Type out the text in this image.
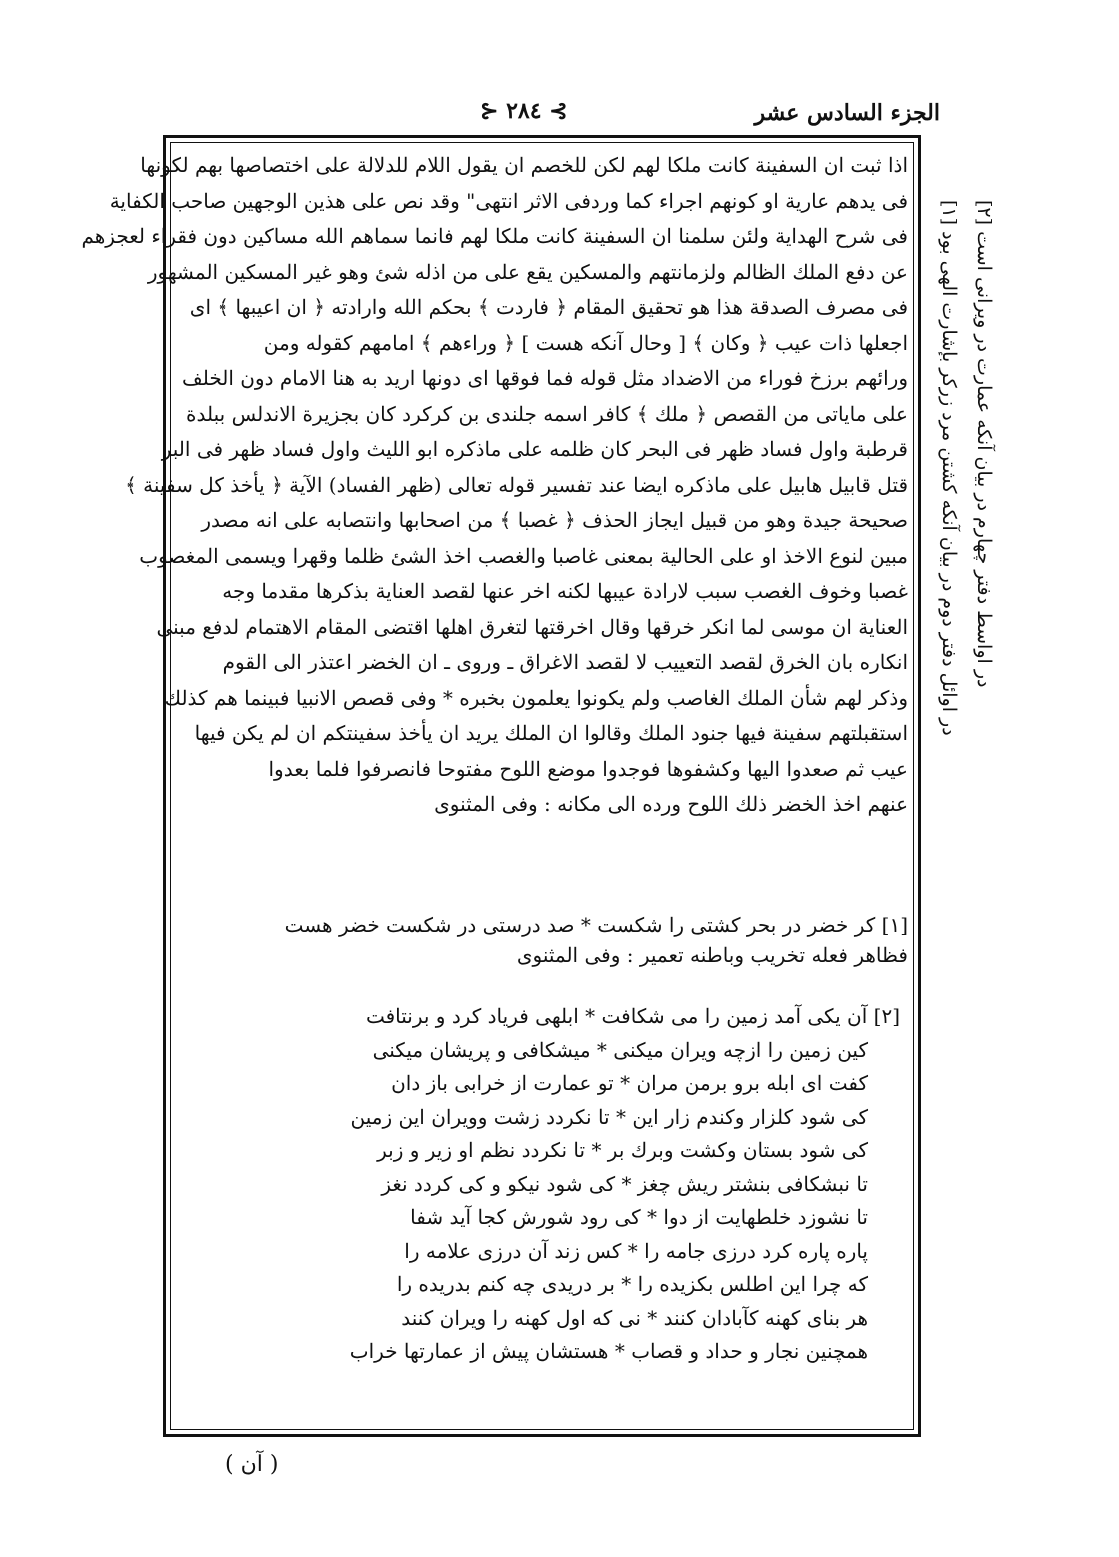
⊱ ۲۸٤ ⊰	الجزء السادس عشر
اذا ثبت ان السفينة كانت ملكا لهم لكن للخصم ان يقول اللام للدلالة على اختصاصها بهم لكونها
فى يدهم عارية او كونهم اجراء كما وردفى الاثر انتهى" وقد نص على هذين الوجهين صاحب الكفاية
فى شرح الهداية ولئن سلمنا ان السفينة كانت ملكا لهم فانما سماهم الله مساكين دون فقراء لعجزهم
عن دفع الملك الظالم ولزمانتهم والمسكين يقع على من اذله شئ وهو غير المسكين المشهور
فى مصرف الصدقة هذا هو تحقيق المقام ﴿ فاردت ﴾ بحكم الله وارادته ﴿ ان اعيبها ﴾ اى
اجعلها ذات عيب ﴿ وكان ﴾ [ وحال آنكه هست ] ﴿ وراءهم ﴾ امامهم كقوله ومن
ورائهم برزخ فوراء من الاضداد مثل قوله فما فوقها اى دونها اريد به هنا الامام دون الخلف
على ماياتى من القصص ﴿ ملك ﴾ كافر اسمه جلندى بن كركرد كان بجزيرة الاندلس ببلدة
قرطبة واول فساد ظهر فى البحر كان ظلمه على ماذكره ابو الليث واول فساد ظهر فى البر
قتل قابيل هابيل على ماذكره ايضا عند تفسير قوله تعالى (ظهر الفساد) الآية ﴿ يأخذ كل سفينة ﴾
صحيحة جيدة وهو من قبيل ايجاز الحذف ﴿ غصبا ﴾ من اصحابها وانتصابه على انه مصدر
مبين لنوع الاخذ او على الحالية بمعنى غاصبا والغصب اخذ الشئ ظلما وقهرا ويسمى المغصوب
غصبا وخوف الغصب سبب لارادة عيبها لكنه اخر عنها لقصد العناية بذكرها مقدما وجه
العناية ان موسى لما انكر خرقها وقال اخرقتها لتغرق اهلها اقتضى المقام الاهتمام لدفع مبنى
انكاره بان الخرق لقصد التعييب لا لقصد الاغراق ـ وروى ـ ان الخضر اعتذر الى القوم
وذكر لهم شأن الملك الغاصب ولم يكونوا يعلمون بخبره * وفى قصص الانبيا فبينما هم كذلك
استقبلتهم سفينة فيها جنود الملك وقالوا ان الملك يريد ان يأخذ سفينتكم ان لم يكن فيها
عيب ثم صعدوا اليها وكشفوها فوجدوا موضع اللوح مفتوحا فانصرفوا فلما بعدوا
عنهم اخذ الخضر ذلك اللوح ورده الى مكانه : وفى المثنوى
[۱] كر خضر در بحر كشتى را شكست * صد درستى در شكست خضر هست
فظاهر فعله تخريب وباطنه تعمير : وفى المثنوى
[۲] آن يكى آمد زمين را مى شكافت * ابلهى فرياد كرد و برنتافت
كين زمين را ازچه ويران ميكنى * ميشكافى و پريشان ميكنى
كفت اى ابله برو برمن مران * تو عمارت از خرابى باز دان
كى شود كلزار وكندم زار اين * تا نكردد زشت وويران اين زمين
كى شود بستان وكشت وبرك بر * تا نكردد نظم او زير و زبر
تا نبشكافى بنشتر ريش چغز * كى شود نيكو و كى كردد نغز
تا نشوزد خلطهايت از دوا * كى رود شورش كجا آيد شفا
پاره پاره كرد درزى جامه را * كس زند آن درزى علامه را
كه چرا اين اطلس بكزيده را * بر دريدى چه كنم بدريده را
هر بناى كهنه كآبادان كنند * نى كه اول كهنه را ويران كنند
همچنين نجار و حداد و قصاب * هستشان پيش از عمارتها خراب
[۱] در اوائل دفتر دوم در بيان آنكه كشتن مرد زركر بإشارت الهى بود
[۲] در اواسط دفتر چهارم در بيان آنكه عمارت در ويرانى است
( آن )
